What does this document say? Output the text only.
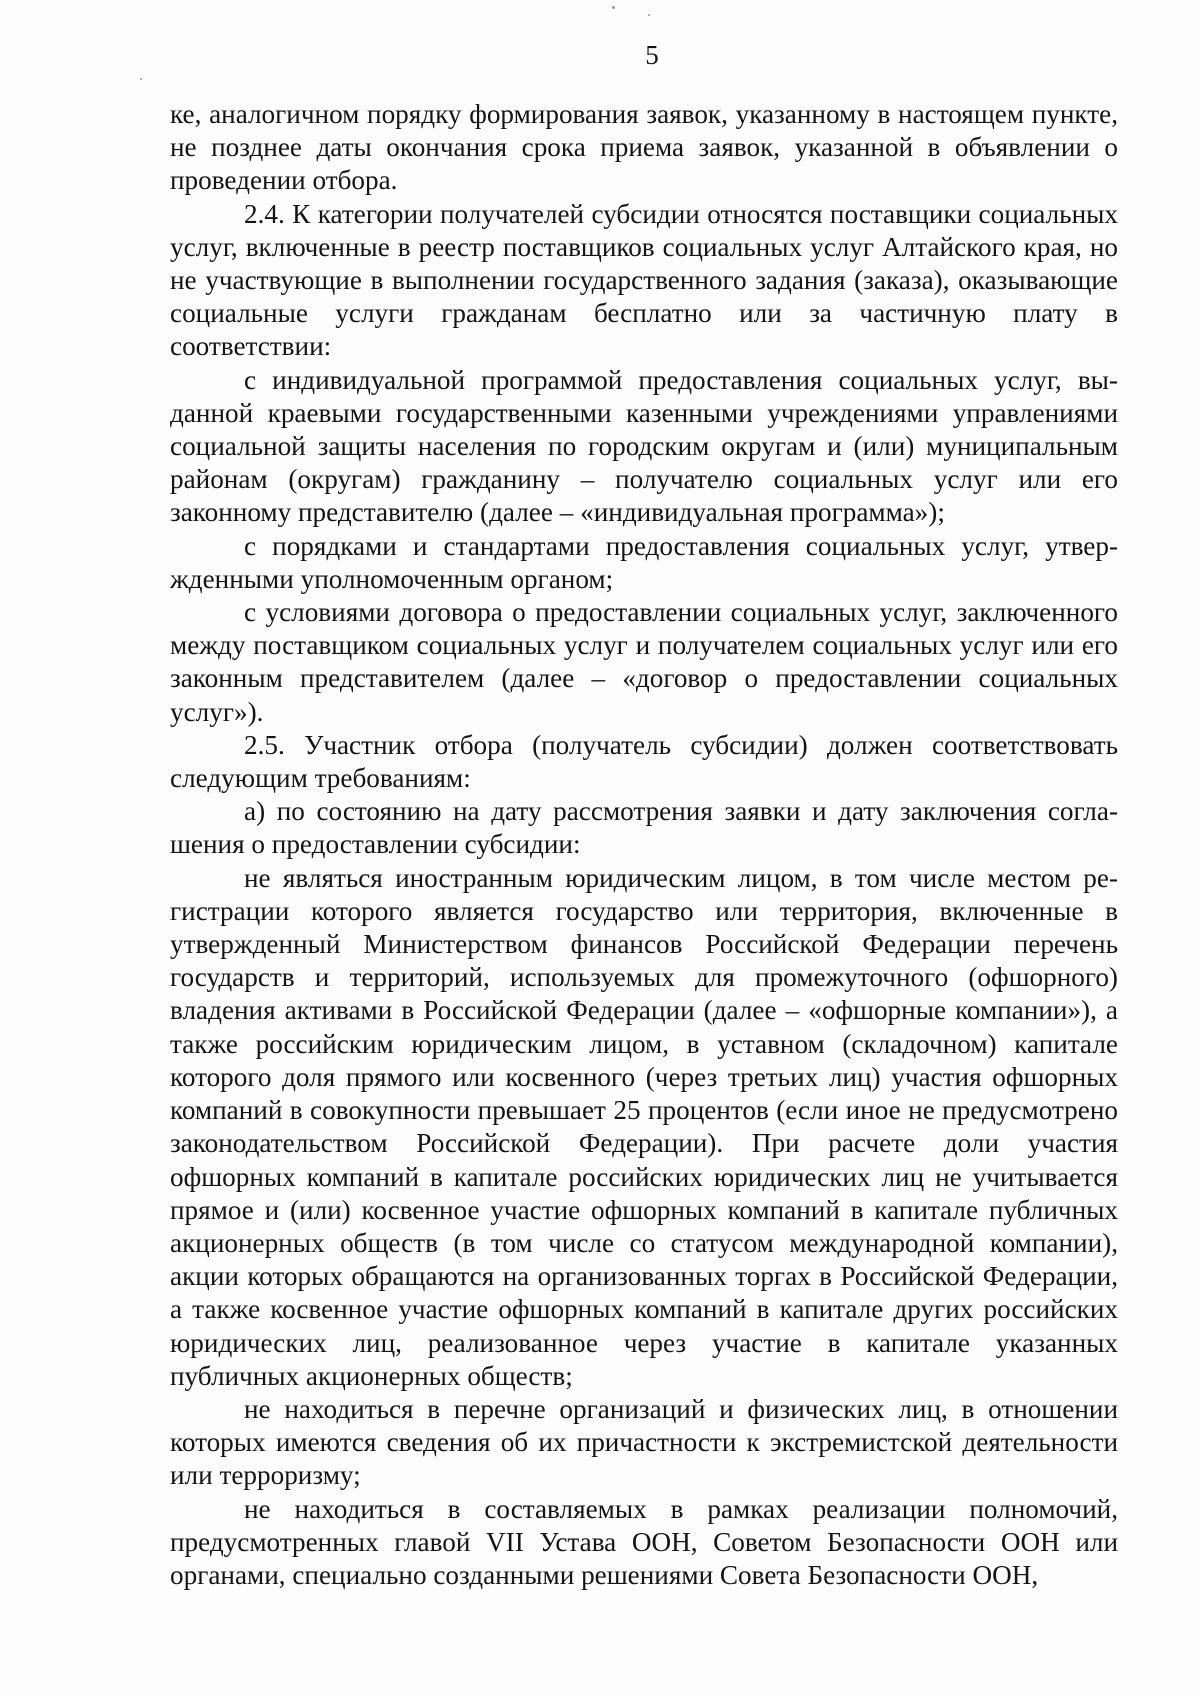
5

ке, аналогичном порядку формирования заявок, указанному в настоящем пункте, не позднее даты окончания срока приема заявок, указанной в объявлении о проведении отбора.

2.4. К категории получателей субсидии относятся поставщики социальных услуг, включенные в реестр поставщиков социальных услуг Алтайского края, но не участвующие в выполнении государственного задания (заказа), оказывающие социальные услуги гражданам бесплатно или за частичную плату в соответствии:

с индивидуальной программой предоставления социальных услуг, выданной краевыми государственными казенными учреждениями управлениями социальной защиты населения по городским округам и (или) муниципальным районам (округам) гражданину – получателю социальных услуг или его законному представителю (далее – «индивидуальная программа»);

с порядками и стандартами предоставления социальных услуг, утвержденными уполномоченным органом;

с условиями договора о предоставлении социальных услуг, заключенного между поставщиком социальных услуг и получателем социальных услуг или его законным представителем (далее – «договор о предоставлении социальных услуг»).

2.5. Участник отбора (получатель субсидии) должен соответствовать следующим требованиям:

а) по состоянию на дату рассмотрения заявки и дату заключения соглашения о предоставлении субсидии:

не являться иностранным юридическим лицом, в том числе местом регистрации которого является государство или территория, включенные в утвержденный Министерством финансов Российской Федерации перечень государств и территорий, используемых для промежуточного (офшорного) владения активами в Российской Федерации (далее – «офшорные компании»), а также российским юридическим лицом, в уставном (складочном) капитале которого доля прямого или косвенного (через третьих лиц) участия офшорных компаний в совокупности превышает 25 процентов (если иное не предусмотрено законодательством Российской Федерации). При расчете доли участия офшорных компаний в капитале российских юридических лиц не учитывается прямое и (или) косвенное участие офшорных компаний в капитале публичных акционерных обществ (в том числе со статусом международной компании), акции которых обращаются на организованных торгах в Российской Федерации, а также косвенное участие офшорных компаний в капитале других российских юридических лиц, реализованное через участие в капитале указанных публичных акционерных обществ;

не находиться в перечне организаций и физических лиц, в отношении которых имеются сведения об их причастности к экстремистской деятельности или терроризму;

не находиться в составляемых в рамках реализации полномочий, предусмотренных главой VII Устава ООН, Советом Безопасности ООН или органами, специально созданными решениями Совета Безопасности ООН,
